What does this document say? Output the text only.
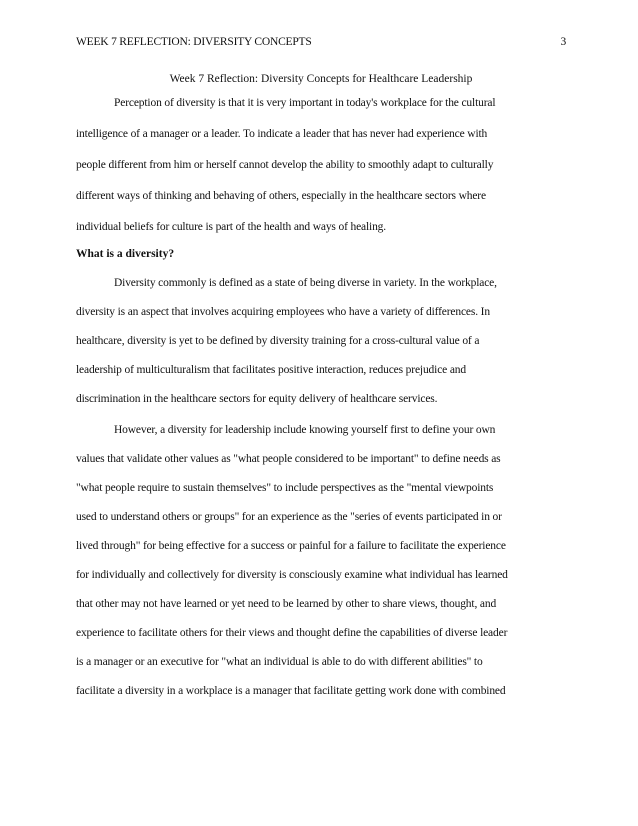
WEEK 7 REFLECTION: DIVERSITY CONCEPTS	3
Week 7 Reflection: Diversity Concepts for Healthcare Leadership
Perception of diversity is that it is very important in today's workplace for the cultural
intelligence of a manager or a leader. To indicate a leader that has never had experience with
people different from him or herself cannot develop the ability to smoothly adapt to culturally
different ways of thinking and behaving of others, especially in the healthcare sectors where
individual beliefs for culture is part of the health and ways of healing.
What is a diversity?
Diversity commonly is defined as a state of being diverse in variety. In the workplace,
diversity is an aspect that involves acquiring employees who have a variety of differences. In
healthcare, diversity is yet to be defined by diversity training for a cross-cultural value of a
leadership of multiculturalism that facilitates positive interaction, reduces prejudice and
discrimination in the healthcare sectors for equity delivery of healthcare services.
However, a diversity for leadership include knowing yourself first to define your own
values that validate other values as "what people considered to be important" to define needs as
"what people require to sustain themselves" to include perspectives as the "mental viewpoints
used to understand others or groups" for an experience as the "series of events participated in or
lived through" for being effective for a success or painful for a failure to facilitate the experience
for individually and collectively for diversity is consciously examine what individual has learned
that other may not have learned or yet need to be learned by other to share views, thought, and
experience to facilitate others for their views and thought define the capabilities of diverse leader
is a manager or an executive for "what an individual is able to do with different abilities" to
facilitate a diversity in a workplace is a manager that facilitate getting work done with combined
